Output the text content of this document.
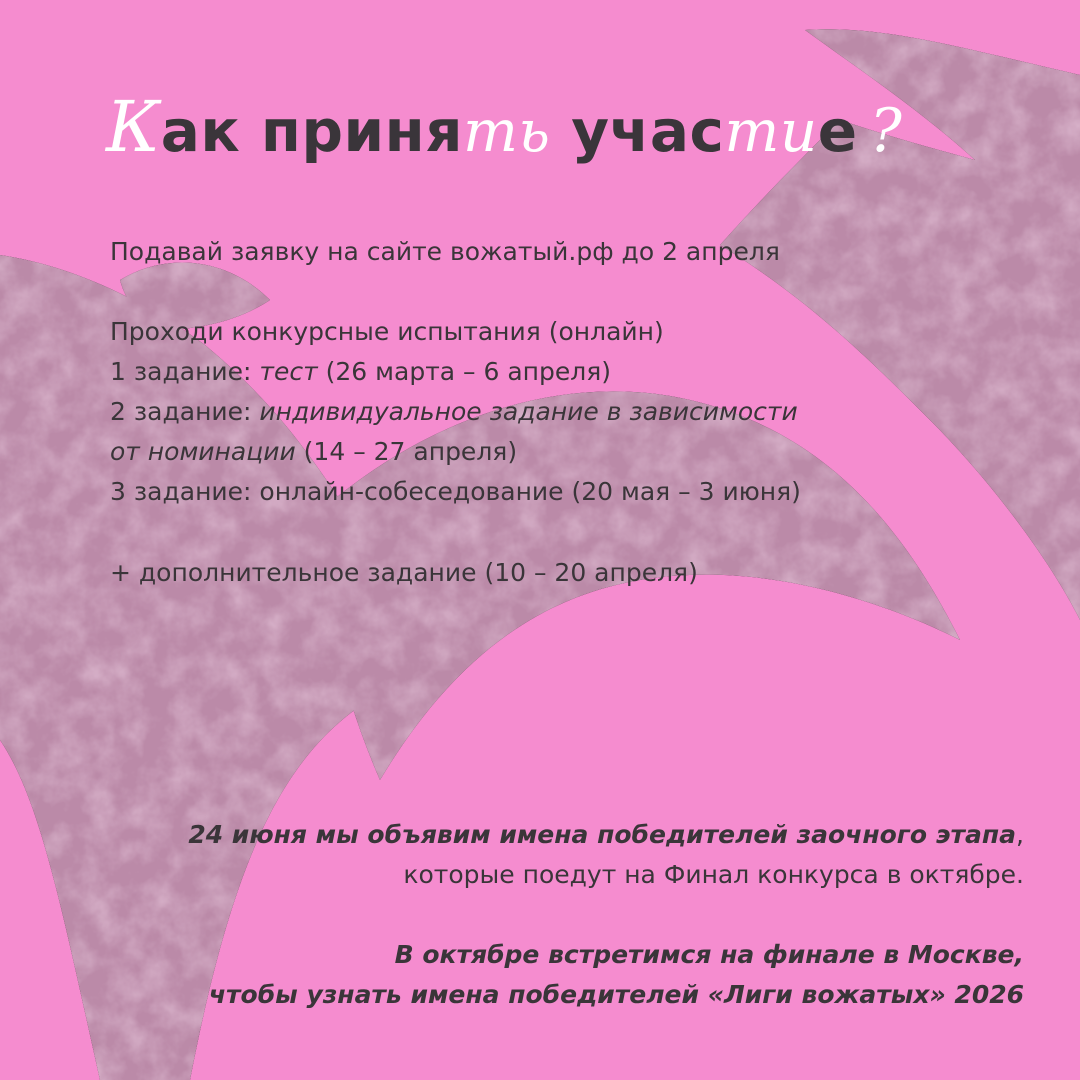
Как принять участие ?

Подавай заявку на сайте вожатый.рф до 2 апреля

Проходи конкурсные испытания (онлайн)
1 задание: тест (26 марта – 6 апреля)
2 задание: индивидуальное задание в зависимости
от номинации (14 – 27 апреля)
3 задание: онлайн-собеседование (20 мая – 3 июня)

+ дополнительное задание (10 – 20 апреля)

24 июня мы объявим имена победителей заочного этапа,
которые поедут на Финал конкурса в октябре.

В октябре встретимся на финале в Москве,
чтобы узнать имена победителей «Лиги вожатых» 2026
